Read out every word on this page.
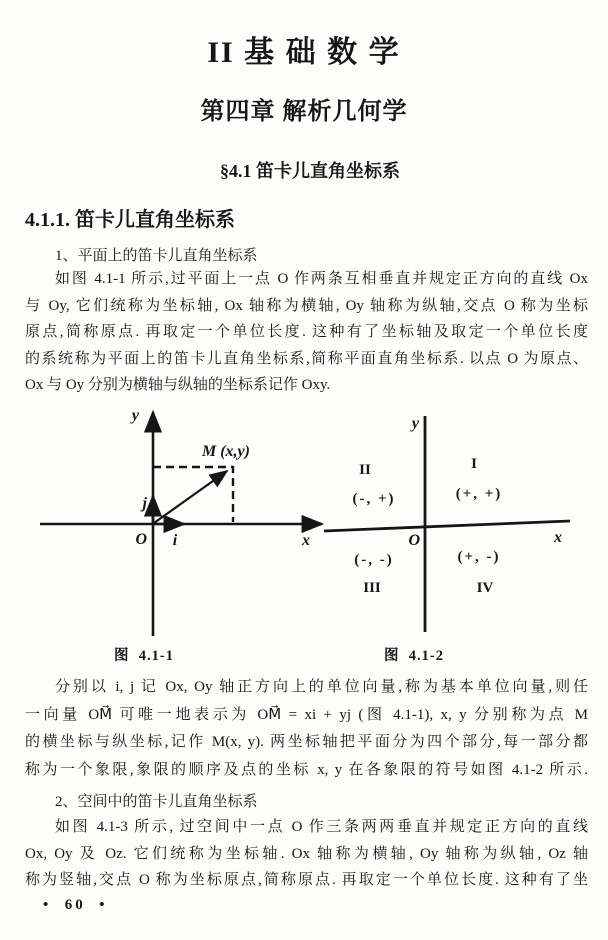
II 基 础 数 学
第四章 解析几何学
§4.1 笛卡儿直角坐标系
4.1.1. 笛卡儿直角坐标系
1、平面上的笛卡儿直角坐标系
如图 4.1-1 所示,过平面上一点 O 作两条互相垂直并规定正方向的直线 Ox
与 Oy, 它们统称为坐标轴, Ox 轴称为横轴, Oy 轴称为纵轴,交点 O 称为坐标
原点,简称原点. 再取定一个单位长度. 这种有了坐标轴及取定一个单位长度
的系统称为平面上的笛卡儿直角坐标系,简称平面直角坐标系. 以点 O 为原点、
Ox 与 Oy 分别为横轴与纵轴的坐标系记作 Oxy.
y
x
O i
j
M (x,y)
图  4.1-1
y
x
O
II
(-, +)
I
(+, +)
(-, -)
III
(+, -)
IV
图  4.1-2
分别以 i, j 记 Ox, Oy 轴正方向上的单位向量,称为基本单位向量,则任
一向量 OM⃗ 可唯一地表示为 OM⃗ = xi + yj (图 4.1-1), x, y 分别称为点 M
的横坐标与纵坐标,记作 M(x, y). 两坐标轴把平面分为四个部分,每一部分都
称为一个象限,象限的顺序及点的坐标 x, y 在各象限的符号如图 4.1-2 所示.
2、空间中的笛卡儿直角坐标系
如图 4.1-3 所示, 过空间中一点 O 作三条两两垂直并规定正方向的直线
Ox, Oy 及 Oz. 它们统称为坐标轴. Ox 轴称为横轴, Oy 轴称为纵轴, Oz 轴
称为竖轴,交点 O 称为坐标原点,简称原点. 再取定一个单位长度. 这种有了坐
•  60  •
